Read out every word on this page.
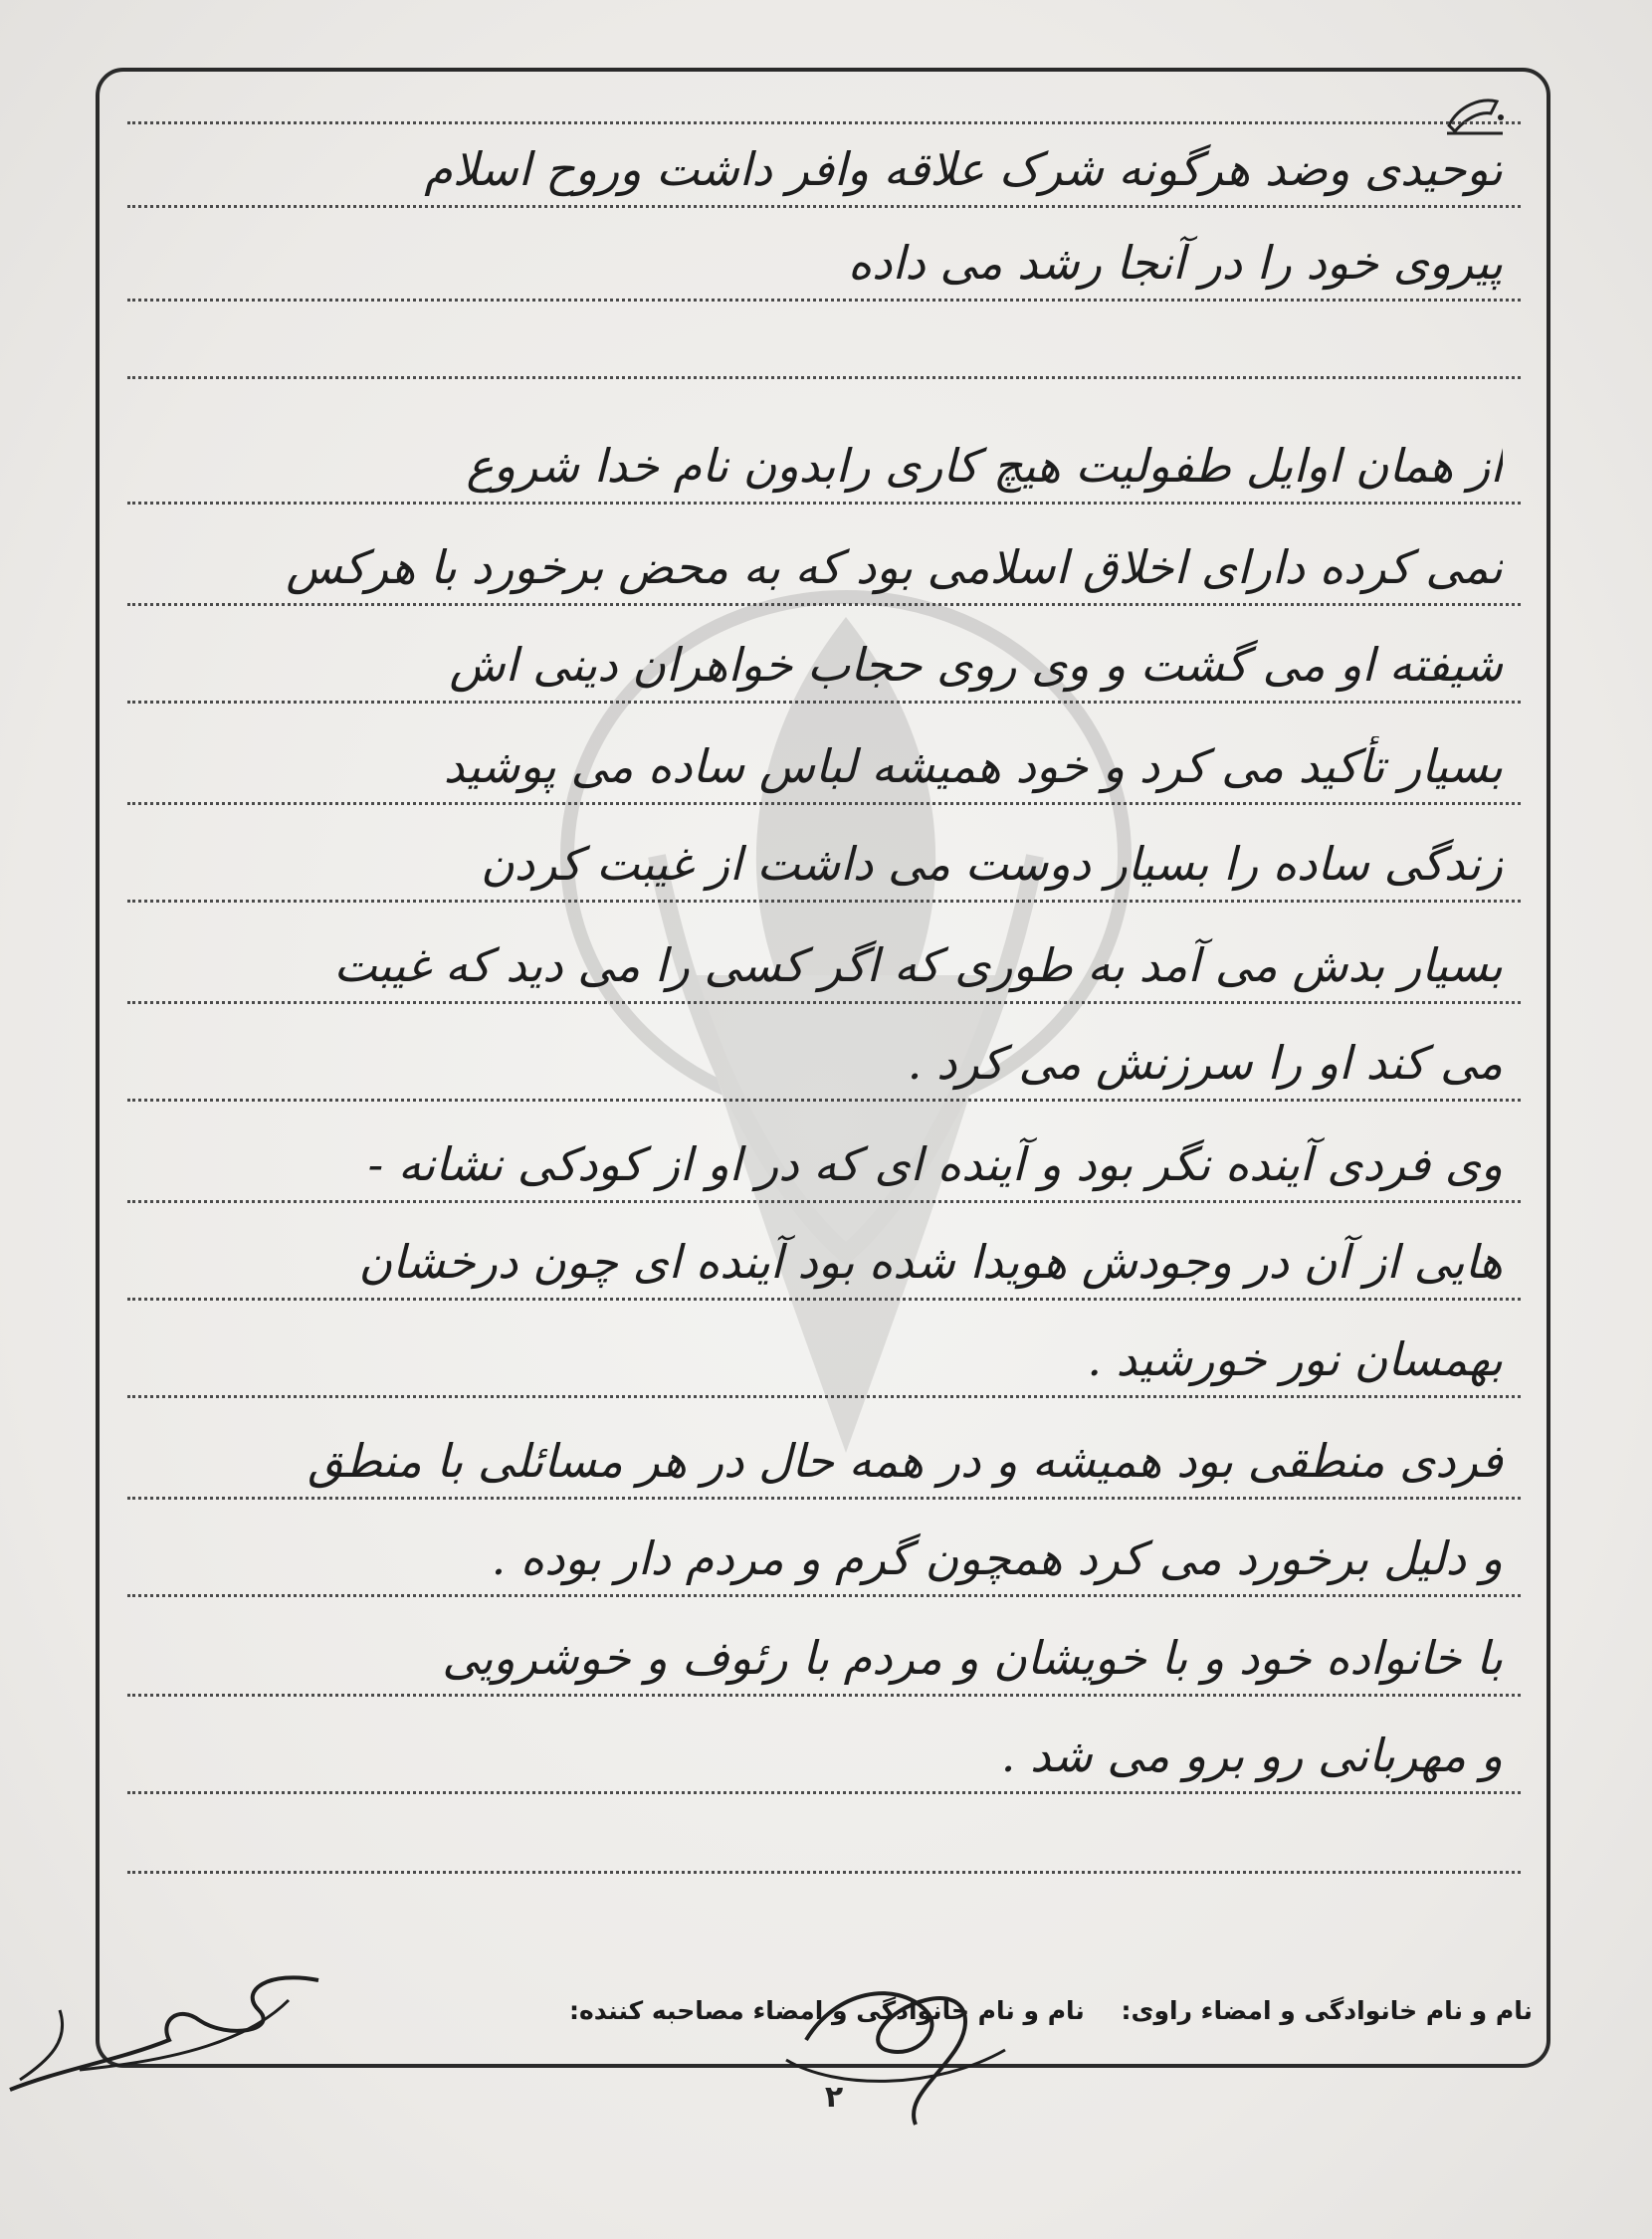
توحیدی وضد هرگونه شرک علاقه وافر داشت وروح اسلام
پیروی خود را در آنجا رشد می داده
از همان اوایل طفولیت هیچ کاری رابدون نام خدا شروع
نمی کرده دارای اخلاق اسلامی بود که به محض برخورد با هرکس
شیفته او می گشت و وی روی حجاب خواهران دینی اش
بسیار تأکید می کرد و خود همیشه لباس ساده می پوشید
زندگی ساده را بسیار دوست می داشت از غیبت کردن
بسیار بدش می آمد به طوری که اگر کسی را می دید که غیبت
می کند او را سرزنش می کرد .
وی فردی آینده نگر بود و آینده ای که در او از کودکی نشانه -
هایی از آن در وجودش هویدا شده بود آینده ای چون درخشان
بهمسان نور خورشید .
فردی منطقی بود همیشه و در همه حال در هر مسائلی با منطق
و دلیل برخورد می کرد همچون گرم و مردم دار بوده .
با خانواده خود و با خویشان و مردم با رئوف و خوشرویی
و مهربانی رو برو می شد .
نام و نام خانوادگی و امضاء راوی: نام و نام خانوادگی و امضاء مصاحبه کننده:
۲
